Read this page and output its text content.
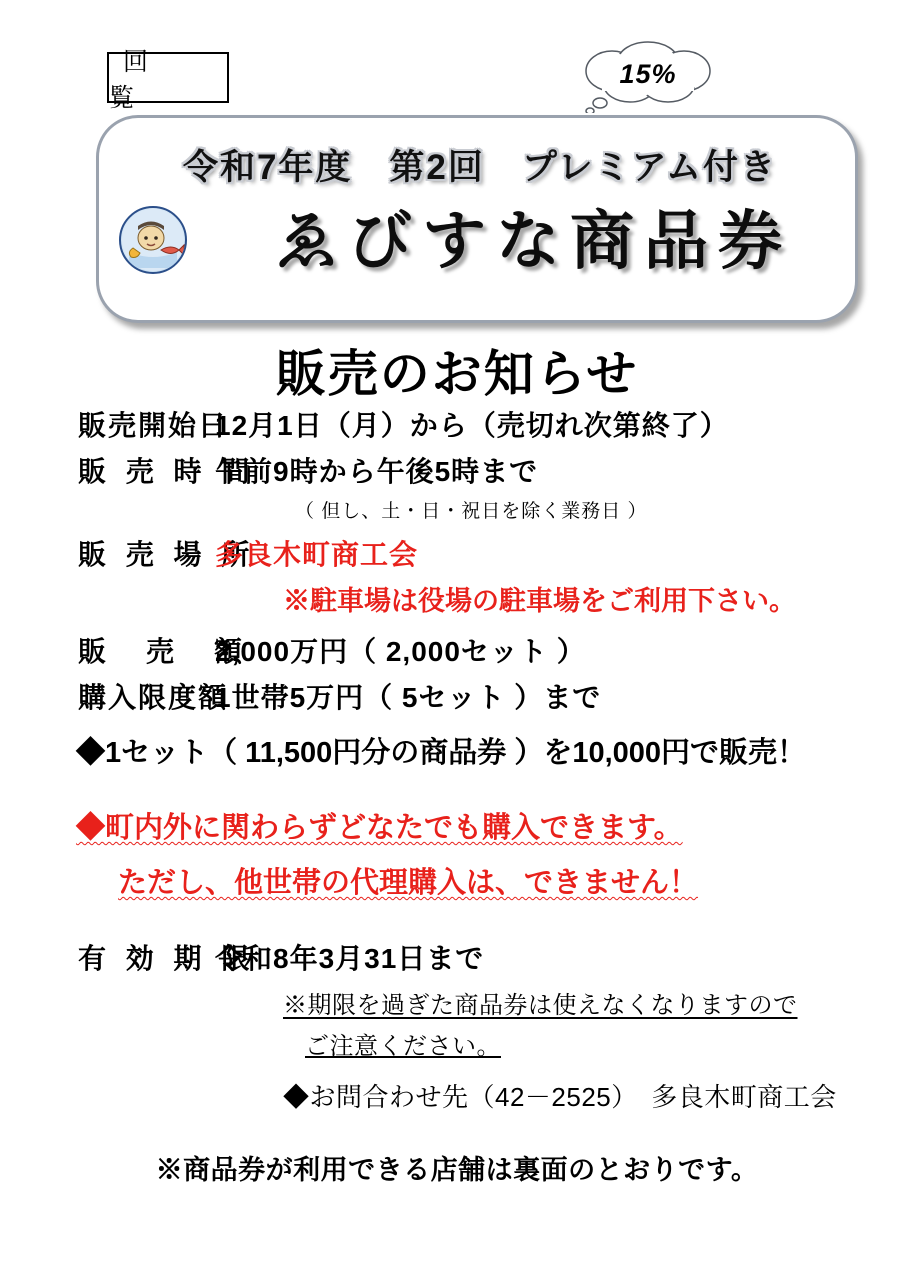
回　覧
15%
令和7年度　第2回　プレミアム付き
ゑびすな商品券
販売のお知らせ
販売開始日
12月1日（月）から（売切れ次第終了）
販 売 時 間
午前9時から午後5時まで
（ 但し、土・日・祝日を除く業務日 ）
販 売 場 所
多良木町商工会
※駐車場は役場の駐車場をご利用下さい。
販　売　額
2,000万円（ 2,000セット ）
購入限度額
1世帯5万円（ 5セット ）まで
◆1セット（ 11,500円分の商品券 ）を10,000円で販売！
◆町内外に関わらずどなたでも購入できます。
ただし、他世帯の代理購入は、できません！
有 効 期 限
令和8年3月31日まで
※期限を過ぎた商品券は使えなくなりますので
ご注意ください。
◆お問合わせ先（42－2525）　多良木町商工会
※商品券が利用できる店舗は裏面のとおりです。
